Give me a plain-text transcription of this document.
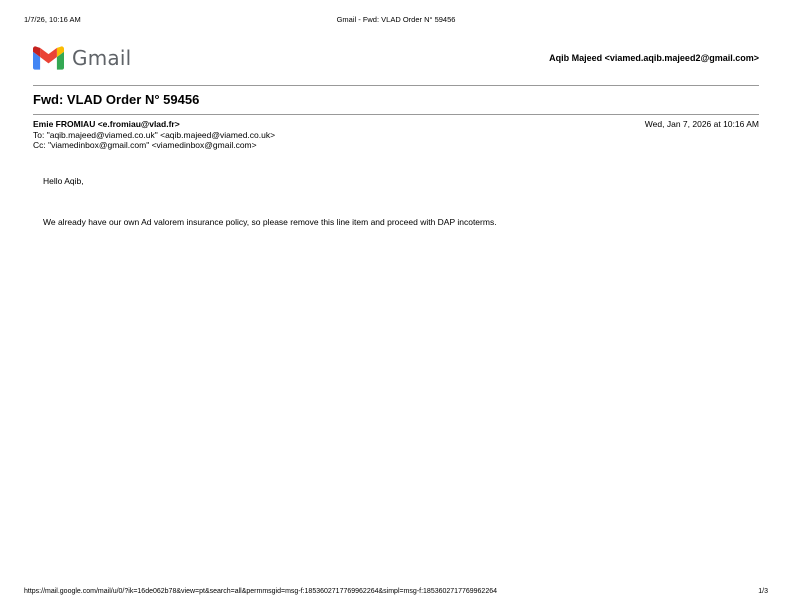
1/7/26, 10:16 AM	Gmail - Fwd: VLAD Order N° 59456
Gmail	Aqib Majeed <viamed.aqib.majeed2@gmail.com>
Fwd: VLAD Order N° 59456
Emie FROMIAU <e.fromiau@vlad.fr>
To: "aqib.majeed@viamed.co.uk" <aqib.majeed@viamed.co.uk>
Cc: "viamedinbox@gmail.com" <viamedinbox@gmail.com>
Wed, Jan 7, 2026 at 10:16 AM
Hello Aqib,
We already have our own Ad valorem insurance policy, so please remove this line item and proceed with DAP incoterms.
https://mail.google.com/mail/u/0/?ik=16de062b78&view=pt&search=all&permmsgid=msg-f:1853602717769962264&simpl=msg-f:1853602717769962264	1/3
